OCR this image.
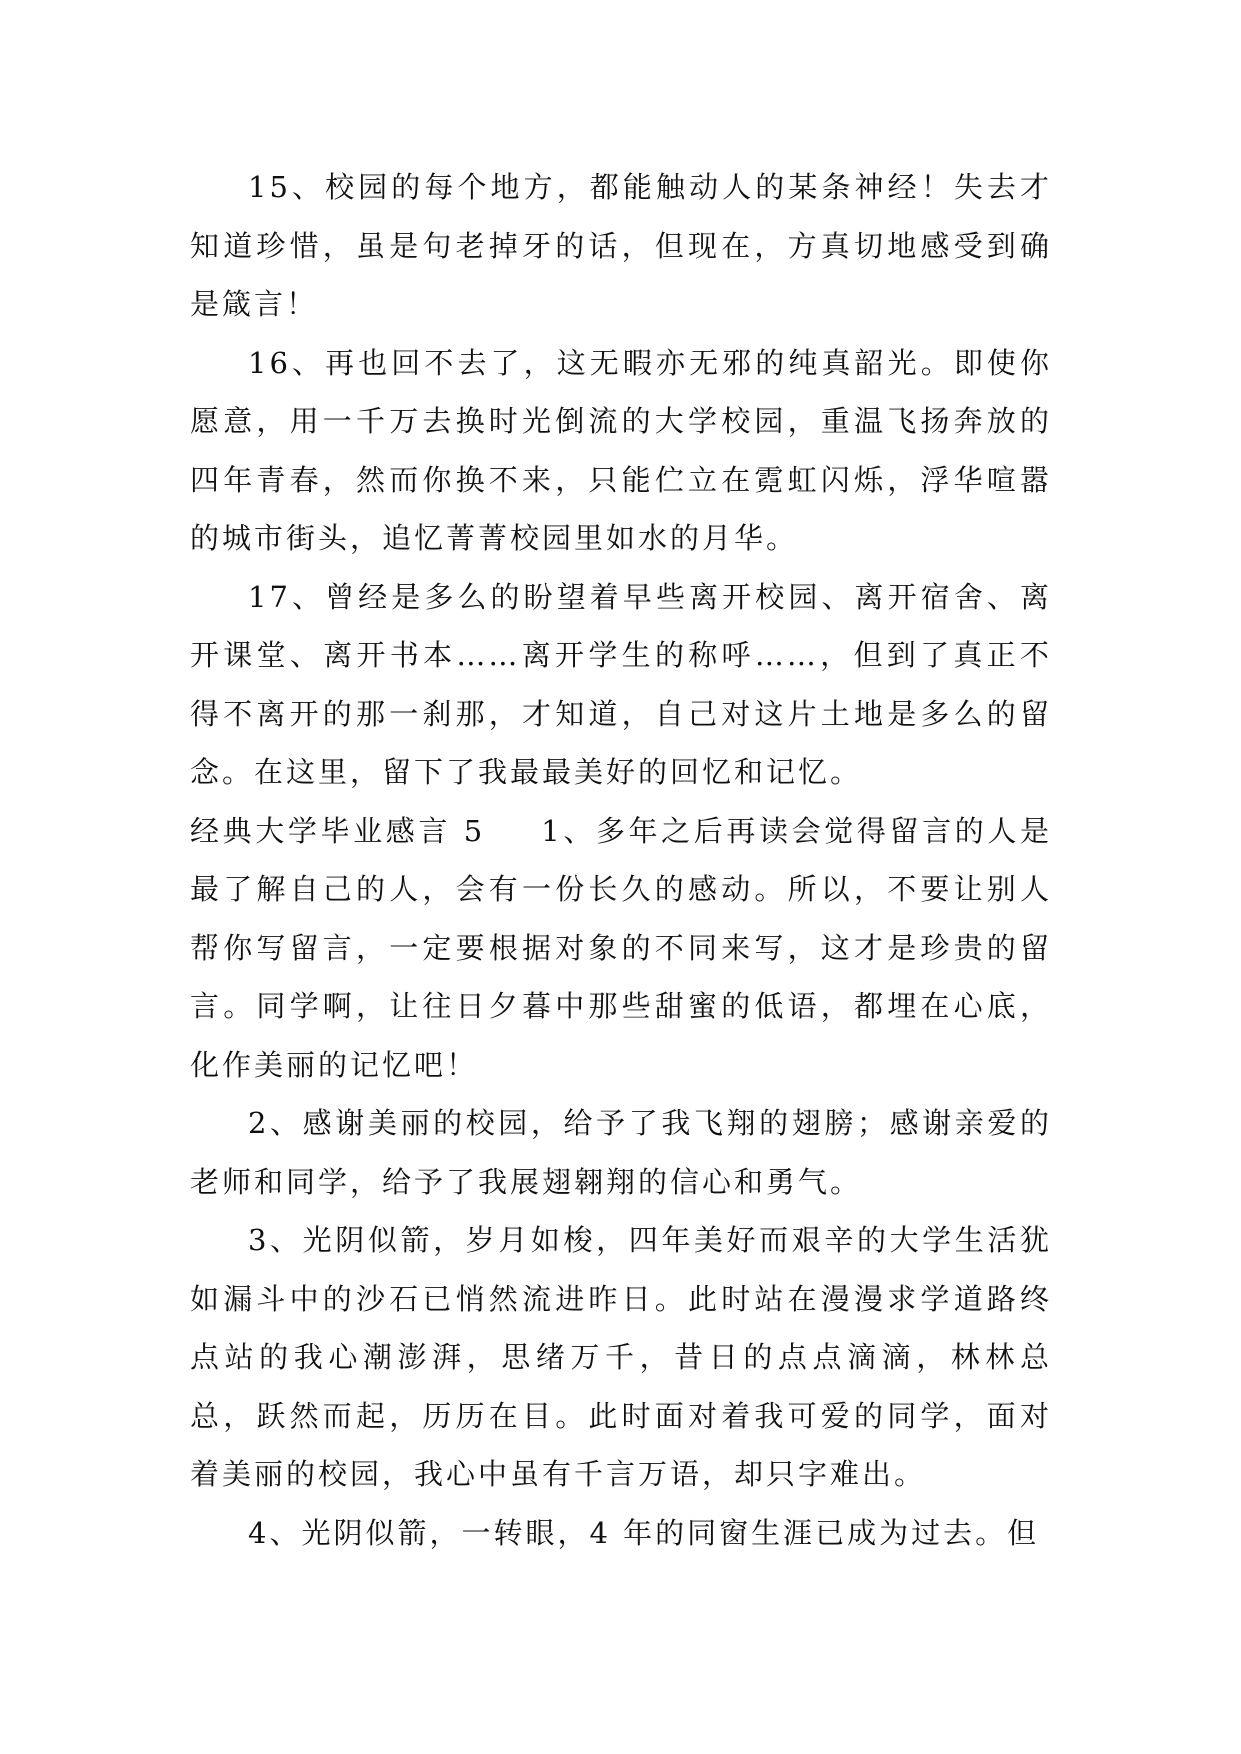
15、校园的每个地方，都能触动人的某条神经！失去才知道珍惜，虽是句老掉牙的话，但现在，方真切地感受到确是箴言！

16、再也回不去了，这无暇亦无邪的纯真韶光。即使你愿意，用一千万去换时光倒流的大学校园，重温飞扬奔放的四年青春，然而你换不来，只能伫立在霓虹闪烁，浮华喧嚣的城市街头，追忆菁菁校园里如水的月华。

17、曾经是多么的盼望着早些离开校园、离开宿舍、离开课堂、离开书本……离开学生的称呼……，但到了真正不得不离开的那一刹那，才知道，自己对这片土地是多么的留念。在这里，留下了我最最美好的回忆和记忆。

经典大学毕业感言 5 1、多年之后再读会觉得留言的人是最了解自己的人，会有一份长久的感动。所以，不要让别人帮你写留言，一定要根据对象的不同来写，这才是珍贵的留言。同学啊，让往日夕暮中那些甜蜜的低语，都埋在心底，化作美丽的记忆吧！

2、感谢美丽的校园，给予了我飞翔的翅膀；感谢亲爱的老师和同学，给予了我展翅翱翔的信心和勇气。

3、光阴似箭，岁月如梭，四年美好而艰辛的大学生活犹如漏斗中的沙石已悄然流进昨日。此时站在漫漫求学道路终点站的我心潮澎湃，思绪万千，昔日的点点滴滴，林林总总，跃然而起，历历在目。此时面对着我可爱的同学，面对着美丽的校园，我心中虽有千言万语，却只字难出。

4、光阴似箭，一转眼，4 年的同窗生涯已成为过去。但
